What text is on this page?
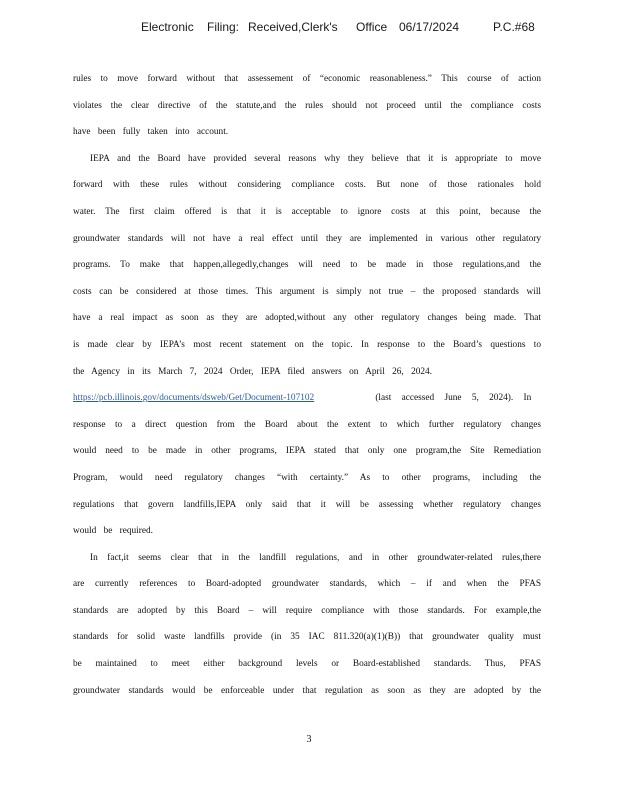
Electronic Filing: Received,Clerk's Office 06/17/2024	P.C.#68
rules to move forward without that assessement of “economic reasonableness.” This course of action
violates the clear directive of the statute,and the rules should not proceed until the compliance costs
have been fully taken into account.
IEPA and the Board have provided several reasons why they believe that it is appropriate to move
forward with these rules without considering compliance costs. But none of those rationales hold
water. The first claim offered is that it is acceptable to ignore costs at this point, because the
groundwater standards will not have a real effect until they are implemented in various other regulatory
programs. To make that happen,allegedly,changes will need to be made in those regulations,and the
costs can be considered at those times. This argument is simply not true – the proposed standards will
have a real impact as soon as they are adopted,without any other regulatory changes being made. That
is made clear by IEPA’s most recent statement on the topic. In response to the Board’s questions to
the Agency in its March 7, 2024 Order, IEPA filed answers on April 26, 2024.
https://pcb.illinois.gov/documents/dsweb/Get/Document-107102	(last accessed June 5, 2024). In
response to a direct question from the Board about the extent to which further regulatory changes
would need to be made in other programs, IEPA stated that only one program,the Site Remediation
Program, would need regulatory changes “with certainty.” As to other programs, including the
regulations that govern landfills,IEPA only said that it will be assessing whether regulatory changes
would be required.
In fact,it seems clear that in the landfill regulations, and in other groundwater-related rules,there
are currently references to Board-adopted groundwater standards, which – if and when the PFAS
standards are adopted by this Board – will require compliance with those standards. For example,the
standards for solid waste landfills provide (in 35 IAC 811.320(a)(1)(B)) that groundwater quality must
be maintained to meet either background levels or Board-established standards. Thus, PFAS
groundwater standards would be enforceable under that regulation as soon as they are adopted by the
3
